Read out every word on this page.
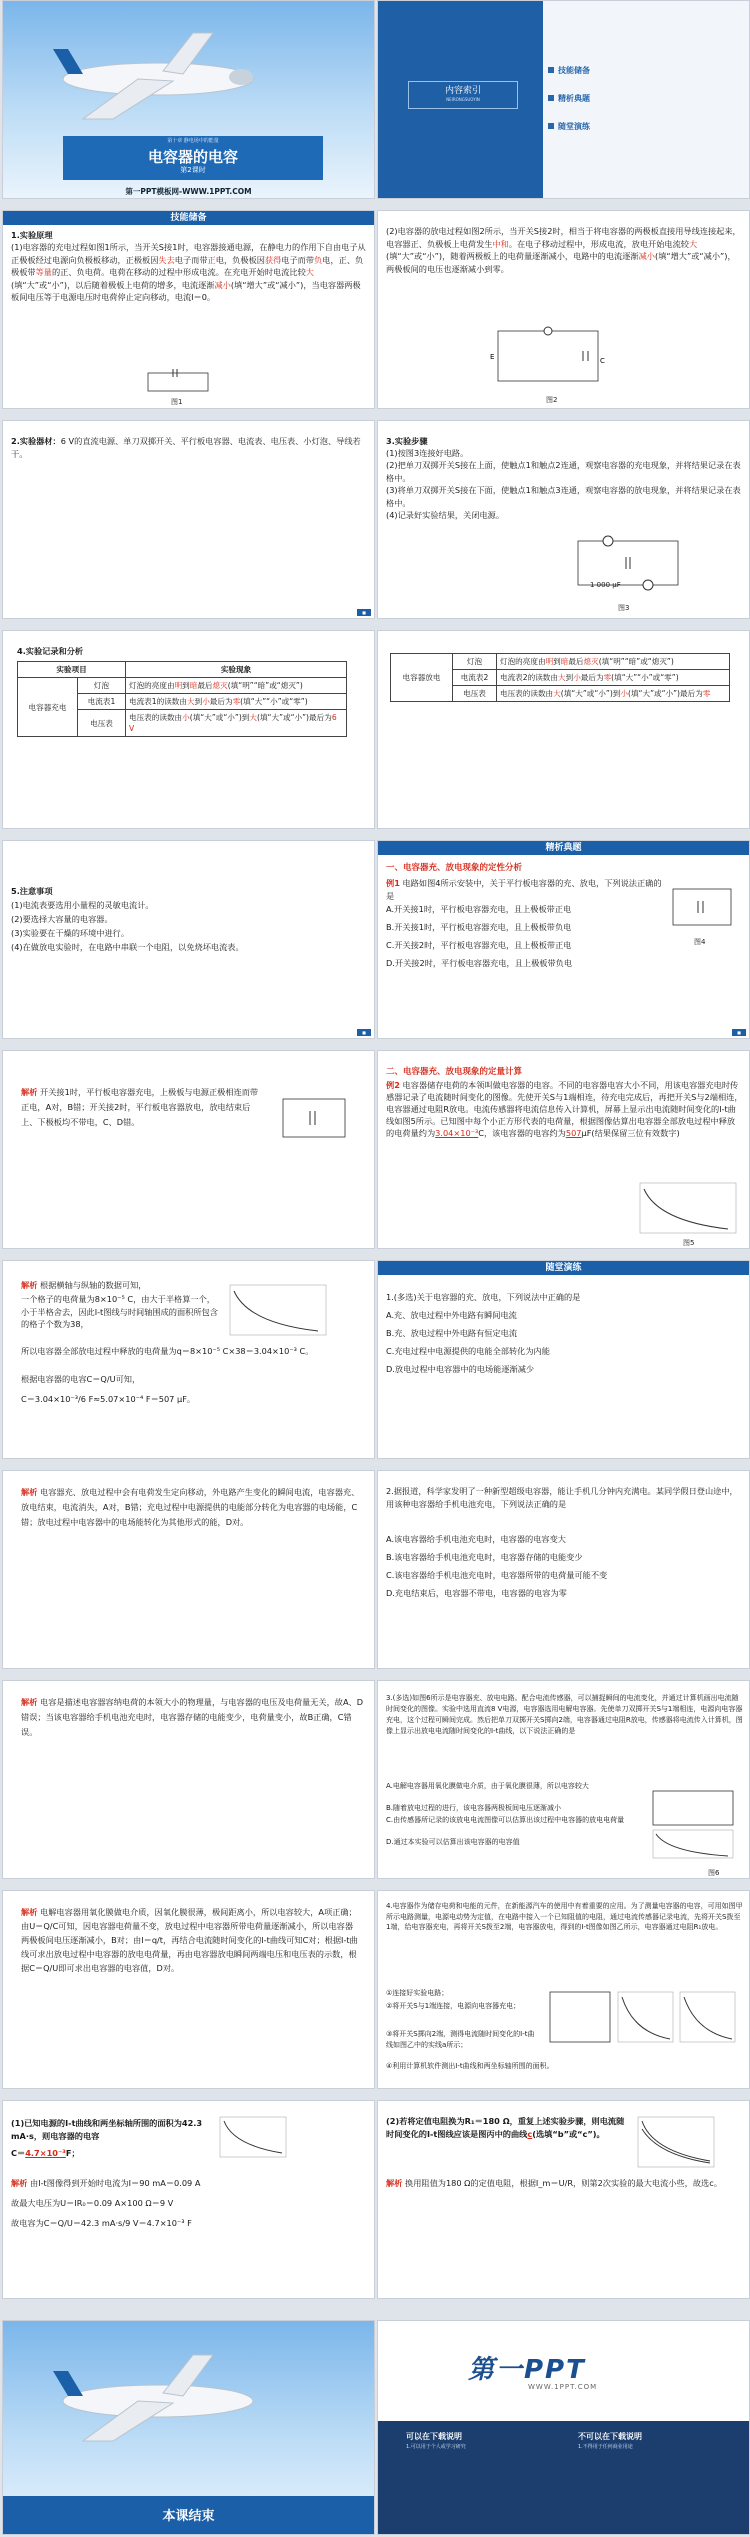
第十章 静电场中的能量
电容器的电容
第2课时
第一PPT模板网-WWW.1PPT.COM
内容索引
NEIRONGSUOYIN
技能储备
精析典题
随堂演练
技能储备
1.实验原理
(1)电容器的充电过程如图1所示，当开关S接1时，电容器接通电源，在静电力的作用下自由电子从正极板经过电源向负极板移动，正极板因失去电子而带正电，负极板因获得电子而带负电，正、负极板带等量的正、负电荷。电荷在移动的过程中形成电流。在充电开始时电流比较大(填“大”或“小”)，以后随着极板上电荷的增多，电流逐渐减小(填“增大”或“减小”)，当电容器两极板间电压等于电源电压时电荷停止定向移动，电流I＝0。
图1
(2)电容器的放电过程如图2所示，当开关S接2时，相当于将电容器的两极板直接用导线连接起来，电容器正、负极板上电荷发生中和。在电子移动过程中，形成电流，放电开始电流较大(填“大”或“小”)，随着两极板上的电荷量逐渐减小，电路中的电流逐渐减小(填“增大”或“减小”)，两极板间的电压也逐渐减小到零。
E	C
图2
2.实验器材：6 V的直流电源、单刀双掷开关、平行板电容器、电流表、电压表、小灯泡、导线若干。
■
3.实验步骤
(1)按图3连接好电路。
(2)把单刀双掷开关S接在上面，使触点1和触点2连通，观察电容器的充电现象，并将结果记录在表格中。
(3)将单刀双掷开关S接在下面，使触点1和触点3连通，观察电容器的放电现象，并将结果记录在表格中。
(4)记录好实验结果，关闭电源。
1 000 μF
图3
4.实验记录和分析
实验项目		实验现象
电容器充电	灯泡	灯泡的亮度由明到暗最后熄灭(填“明”“暗”或“熄灭”)
	电流表1	电流表1的读数由大到小最后为零(填“大”“小”或“零”)
	电压表	电压表的读数由小(填“大”或“小”)到大(填“大”或“小”)最后为6 V
电容器放电	灯泡	灯泡的亮度由明到暗最后熄灭(填“明”“暗”或“熄灭”)
	电流表2	电流表2的读数由大到小最后为零(填“大”“小”或“零”)
	电压表	电压表的读数由大(填“大”或“小”)到小(填“大”或“小”)最后为零
5.注意事项
(1)电流表要选用小量程的灵敏电流计。
(2)要选择大容量的电容器。
(3)实验要在干燥的环境中进行。
(4)在做放电实验时，在电路中串联一个电阻，以免烧坏电流表。
■
精析典题
一、电容器充、放电现象的定性分析
例1 电路如图4所示安装中，关于平行板电容器的充、放电，下列说法正确的是
A.开关接1时，平行板电容器充电，且上极板带正电
B.开关接1时，平行板电容器充电，且上极板带负电
C.开关接2时，平行板电容器充电，且上极板带正电
D.开关接2时，平行板电容器充电，且上极板带负电
图4
■
解析 开关接1时，平行板电容器充电，上极板与电源正极相连而带正电，A对，B错；开关接2时，平行板电容器放电，放电结束后上、下极板均不带电，C、D错。
二、电容器充、放电现象的定量计算
例2 电容器储存电荷的本领叫做电容器的电容。不同的电容器电容大小不同，用该电容器充电时传感器记录了电流随时间变化的图像。先使开关S与1端相连，待充电完成后，再把开关S与2端相连，电容器通过电阻R放电。电流传感器将电流信息传入计算机，屏幕上显示出电流随时间变化的I-t曲线如图5所示。已知图中每个小正方形代表的电荷量，根据图像估算出电容器全部放电过程中释放的电荷量约为3.04×10⁻³C，该电容器的电容约为507μF(结果保留三位有效数字)
图5
解析 根据横轴与纵轴的数据可知，
一个格子的电荷量为8×10⁻⁵ C，由大于半格算一个，小于半格舍去，因此I-t图线与时间轴围成的面积所包含的格子个数为38，
所以电容器全部放电过程中释放的电荷量为q＝8×10⁻⁵ C×38＝3.04×10⁻³ C。
根据电容器的电容C＝Q/U可知，
C＝3.04×10⁻³/6 F≈5.07×10⁻⁴ F＝507 μF。
随堂演练
1.(多选)关于电容器的充、放电，下列说法中正确的是
A.充、放电过程中外电路有瞬间电流
B.充、放电过程中外电路有恒定电流
C.充电过程中电源提供的电能全部转化为内能
D.放电过程中电容器中的电场能逐渐减少
解析 电容器充、放电过程中会有电荷发生定向移动，外电路产生变化的瞬间电流，电容器充、放电结束，电流消失，A对，B错；充电过程中电源提供的电能部分转化为电容器的电场能，C错；放电过程中电容器中的电场能转化为其他形式的能，D对。
2.据报道，科学家发明了一种新型超级电容器，能让手机几分钟内充满电。某同学假日登山途中，用该种电容器给手机电池充电，下列说法正确的是
A.该电容器给手机电池充电时，电容器的电容变大
B.该电容器给手机电池充电时，电容器存储的电能变少
C.该电容器给手机电池充电时，电容器所带的电荷量可能不变
D.充电结束后，电容器不带电，电容器的电容为零
解析 电容是描述电容器容纳电荷的本领大小的物理量，与电容器的电压及电荷量无关，故A、D错误；当该电容器给手机电池充电时，电容器存储的电能变少，电荷量变小，故B正确，C错误。
3.(多选)如图6所示是电容器充、放电电路。配合电流传感器，可以捕捉瞬间的电流变化，并通过计算机画出电流随时间变化的图像。实验中选用直流8 V电源，电容器选用电解电容器。先使单刀双掷开关S与1端相连，电源向电容器充电，这个过程可瞬间完成。然后把单刀双掷开关S掷向2端，电容器通过电阻R放电，传感器将电流传入计算机，图像上显示出放电电流随时间变化的I-t曲线，以下说法正确的是
A.电解电容器用氧化膜做电介质，由于氧化膜很薄，所以电容较大
B.随着放电过程的进行，该电容器两极板间电压逐渐减小
C.由传感器所记录的该放电电流图像可以估算出该过程中电容器的放电电荷量
D.通过本实验可以估算出该电容器的电容值
图6
解析 电解电容器用氧化膜做电介质，因氧化膜很薄，极间距离小，所以电容较大，A项正确；由U＝Q/C可知，因电容器电荷量不变，放电过程中电容器所带电荷量逐渐减小，所以电容器两极板间电压逐渐减小，B对；由I＝q/t，再结合电流随时间变化的I-t曲线可知C对；根据I-t曲线可求出放电过程中电容器的放电电荷量，再由电容器放电瞬间两端电压和电压表的示数，根据C＝Q/U即可求出电容器的电容值，D对。
4.电容器作为储存电荷和电能的元件，在新能源汽车的使用中有着重要的应用。为了测量电容器的电容，可用如图甲所示电路测量，电源电动势为定值，在电路中接入一个已知阻值的电阻，通过电流传感器记录电流，先将开关S拨至1端，给电容器充电，再将开关S拨至2端，电容器放电，得到的I-t图像如图乙所示，电容器通过电阻R₁放电。
①连接好实验电路；
②将开关S与1端连接，电源向电容器充电；
③将开关S掷向2端，测得电流随时间变化的I-t曲线如图乙中的实线a所示；
④利用计算机软件测出I-t曲线和两坐标轴所围的面积。
(1)已知电源的I-t曲线和两坐标轴所围的面积为42.3 mA·s，则电容器的电容
C＝4.7×10⁻³F；
解析 由I-t图像得到开始时电流为I＝90 mA＝0.09 A
故最大电压为U＝IR₀＝0.09 A×100 Ω＝9 V
故电容为C＝Q/U＝42.3 mA·s/9 V＝4.7×10⁻³ F
(2)若将定值电阻换为R₁＝180 Ω，重复上述实验步骤，则电流随时间变化的I-t图线应该是图丙中的曲线c(选填“b”或“c”)。
解析 换用阻值为180 Ω的定值电阻，根据I_m＝U/R，则第2次实验的最大电流小些，故选c。
本课结束
第一PPT
WWW.1PPT.COM
可以在下载说明
1.可以用于个人或学习研究
不可以在下载说明
1.不得用于任何商业用途
